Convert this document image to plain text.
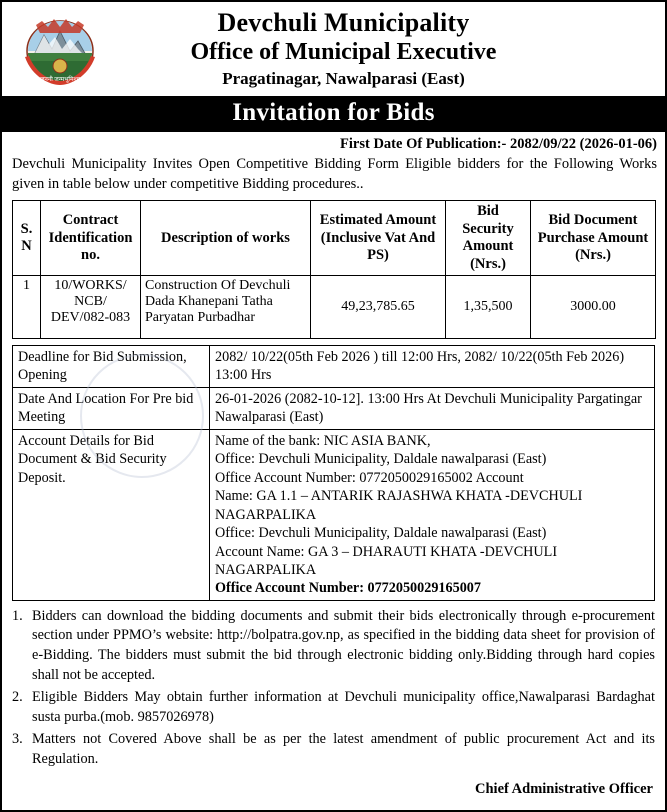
जननी जन्मभूमिश्च
Devchuli Municipality
Office of Municipal Executive
Pragatinagar, Nawalparasi (East)
Invitation for Bids
First Date Of Publication:- 2082/09/22 (2026-01-06)
Devchuli Municipality Invites Open Competitive Bidding Form Eligible bidders for the Following Works given in table below under competitive Bidding procedures..
S. N	Contract Identification no.	Description of works	Estimated Amount (Inclusive Vat And PS)	Bid Security Amount (Nrs.)	Bid Document Purchase Amount (Nrs.)
1	10/WORKS/ NCB/ DEV/082-083	Construction Of Devchuli Dada Khanepani Tatha Paryatan Purbadhar	49,23,785.65	1,35,500	3000.00
Deadline for Bid Submission, Opening	2082/ 10/22(05th Feb 2026 ) till 12:00 Hrs, 2082/ 10/22(05th Feb 2026) 13:00 Hrs
Date And Location For Pre bid Meeting	26-01-2026 (2082-10-12]. 13:00 Hrs At Devchuli Municipality Pargatingar Nawalparasi (East)
Account Details for Bid Document & Bid Security Deposit.	
Name of the bank: NIC ASIA BANK,
Office: Devchuli Municipality, Daldale nawalparasi (East)
Office Account Number: 0772050029165002 Account
Name: GA 1.1 – ANTARIK RAJASHWA KHATA -DEVCHULI NAGARPALIKA
Office: Devchuli Municipality, Daldale nawalparasi (East)
Account Name: GA 3 – DHARAUTI KHATA -DEVCHULI NAGARPALIKA
Office Account Number: 0772050029165007
1. Bidders can download the bidding documents and submit their bids electronically through e-procurement section under PPMO’s website: http://bolpatra.gov.np, as specified in the bidding data sheet for provision of e-Bidding. The bidders must submit the bid through electronic bidding only.Bidding through hard copies shall not be accepted.
2. Eligible Bidders May obtain further information at Devchuli municipality office,Nawalparasi Bardaghat susta purba.(mob. 9857026978)
3. Matters not Covered Above shall be as per the latest amendment of public procurement Act and its Regulation.
Chief Administrative Officer
